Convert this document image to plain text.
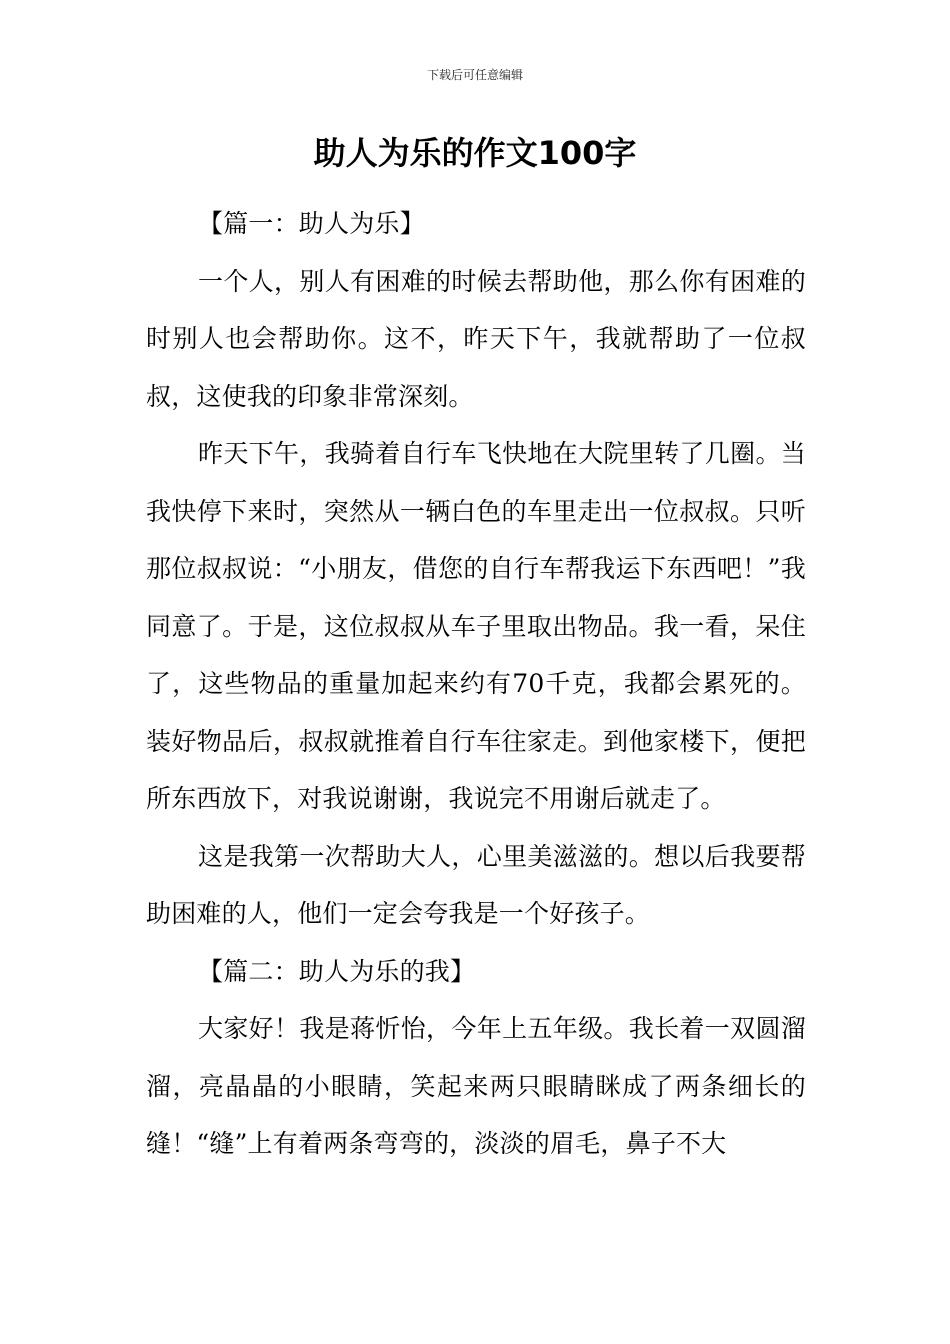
下载后可任意编辑
助人为乐的作文100字

【篇一：助人为乐】

一个人，别人有困难的时候去帮助他，那么你有困难的时别人也会帮助你。这不，昨天下午，我就帮助了一位叔叔，这使我的印象非常深刻。

昨天下午，我骑着自行车飞快地在大院里转了几圈。当我快停下来时，突然从一辆白色的车里走出一位叔叔。只听那位叔叔说：“小朋友，借您的自行车帮我运下东西吧！”我同意了。于是，这位叔叔从车子里取出物品。我一看，呆住了，这些物品的重量加起来约有70千克，我都会累死的。装好物品后，叔叔就推着自行车往家走。到他家楼下，便把所东西放下，对我说谢谢，我说完不用谢后就走了。

这是我第一次帮助大人，心里美滋滋的。想以后我要帮助困难的人，他们一定会夸我是一个好孩子。

【篇二：助人为乐的我】

大家好！我是蒋忻怡，今年上五年级。我长着一双圆溜溜，亮晶晶的小眼睛，笑起来两只眼睛眯成了两条细长的缝！“缝”上有着两条弯弯的，淡淡的眉毛，鼻子不大
